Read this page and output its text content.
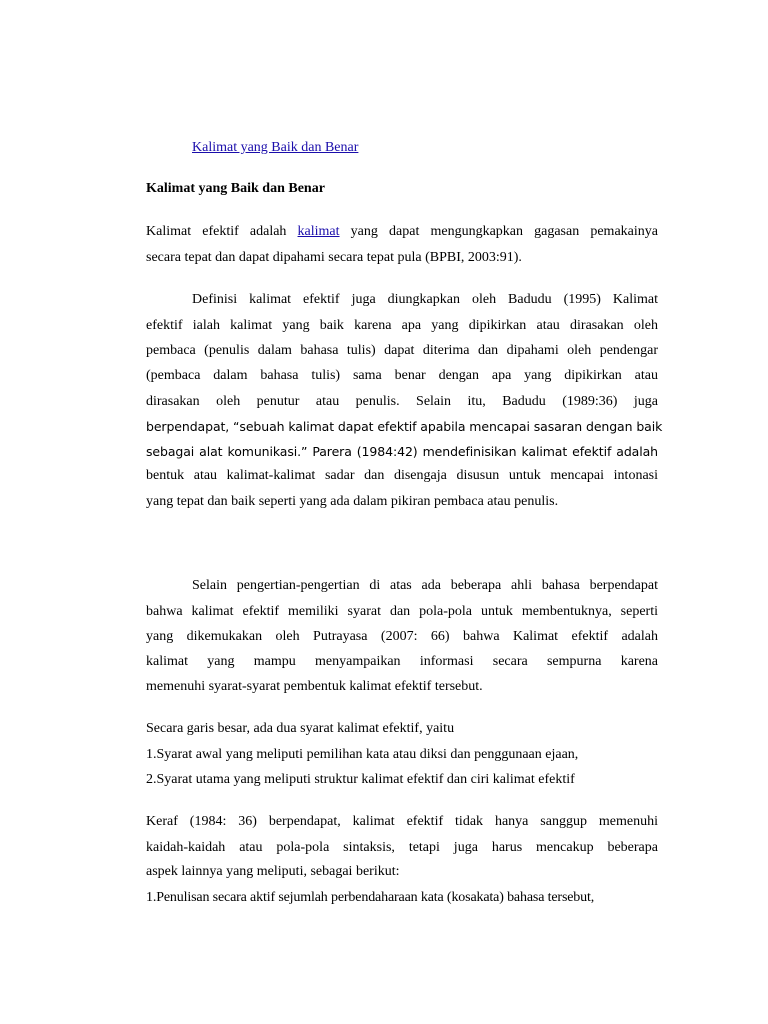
Kalimat yang Baik dan Benar

Kalimat yang Baik dan Benar

Kalimat efektif adalah kalimat yang dapat mengungkapkan gagasan pemakainya

secara tepat dan dapat dipahami secara tepat pula (BPBI, 2003:91).

Definisi kalimat efektif juga diungkapkan oleh Badudu (1995) Kalimat

efektif ialah kalimat yang baik karena apa yang dipikirkan atau dirasakan oleh

pembaca (penulis dalam bahasa tulis) dapat diterima dan dipahami oleh pendengar

(pembaca dalam bahasa tulis) sama benar dengan apa yang dipikirkan atau

dirasakan oleh penutur atau penulis. Selain itu, Badudu (1989:36) juga

berpendapat, “sebuah kalimat dapat efektif apabila mencapai sasaran dengan baik

sebagai alat komunikasi.” Parera (1984:42) mendefinisikan kalimat efektif adalah

bentuk atau kalimat-kalimat sadar dan disengaja disusun untuk mencapai intonasi

yang tepat dan baik seperti yang ada dalam pikiran pembaca atau penulis.

Selain pengertian-pengertian di atas ada beberapa ahli bahasa berpendapat

bahwa kalimat efektif memiliki syarat dan pola-pola untuk membentuknya, seperti

yang dikemukakan oleh Putrayasa (2007: 66) bahwa Kalimat efektif adalah

kalimat yang mampu menyampaikan informasi secara sempurna karena

memenuhi syarat-syarat pembentuk kalimat efektif tersebut.

Secara garis besar, ada dua syarat kalimat efektif, yaitu

1.Syarat awal yang meliputi pemilihan kata atau diksi dan penggunaan ejaan,

2.Syarat utama yang meliputi struktur kalimat efektif dan ciri kalimat efektif

Keraf (1984: 36) berpendapat, kalimat efektif tidak hanya sanggup memenuhi

kaidah-kaidah atau pola-pola sintaksis, tetapi juga harus mencakup beberapa

aspek lainnya yang meliputi, sebagai berikut:

1.Penulisan secara aktif sejumlah perbendaharaan kata (kosakata) bahasa tersebut,
